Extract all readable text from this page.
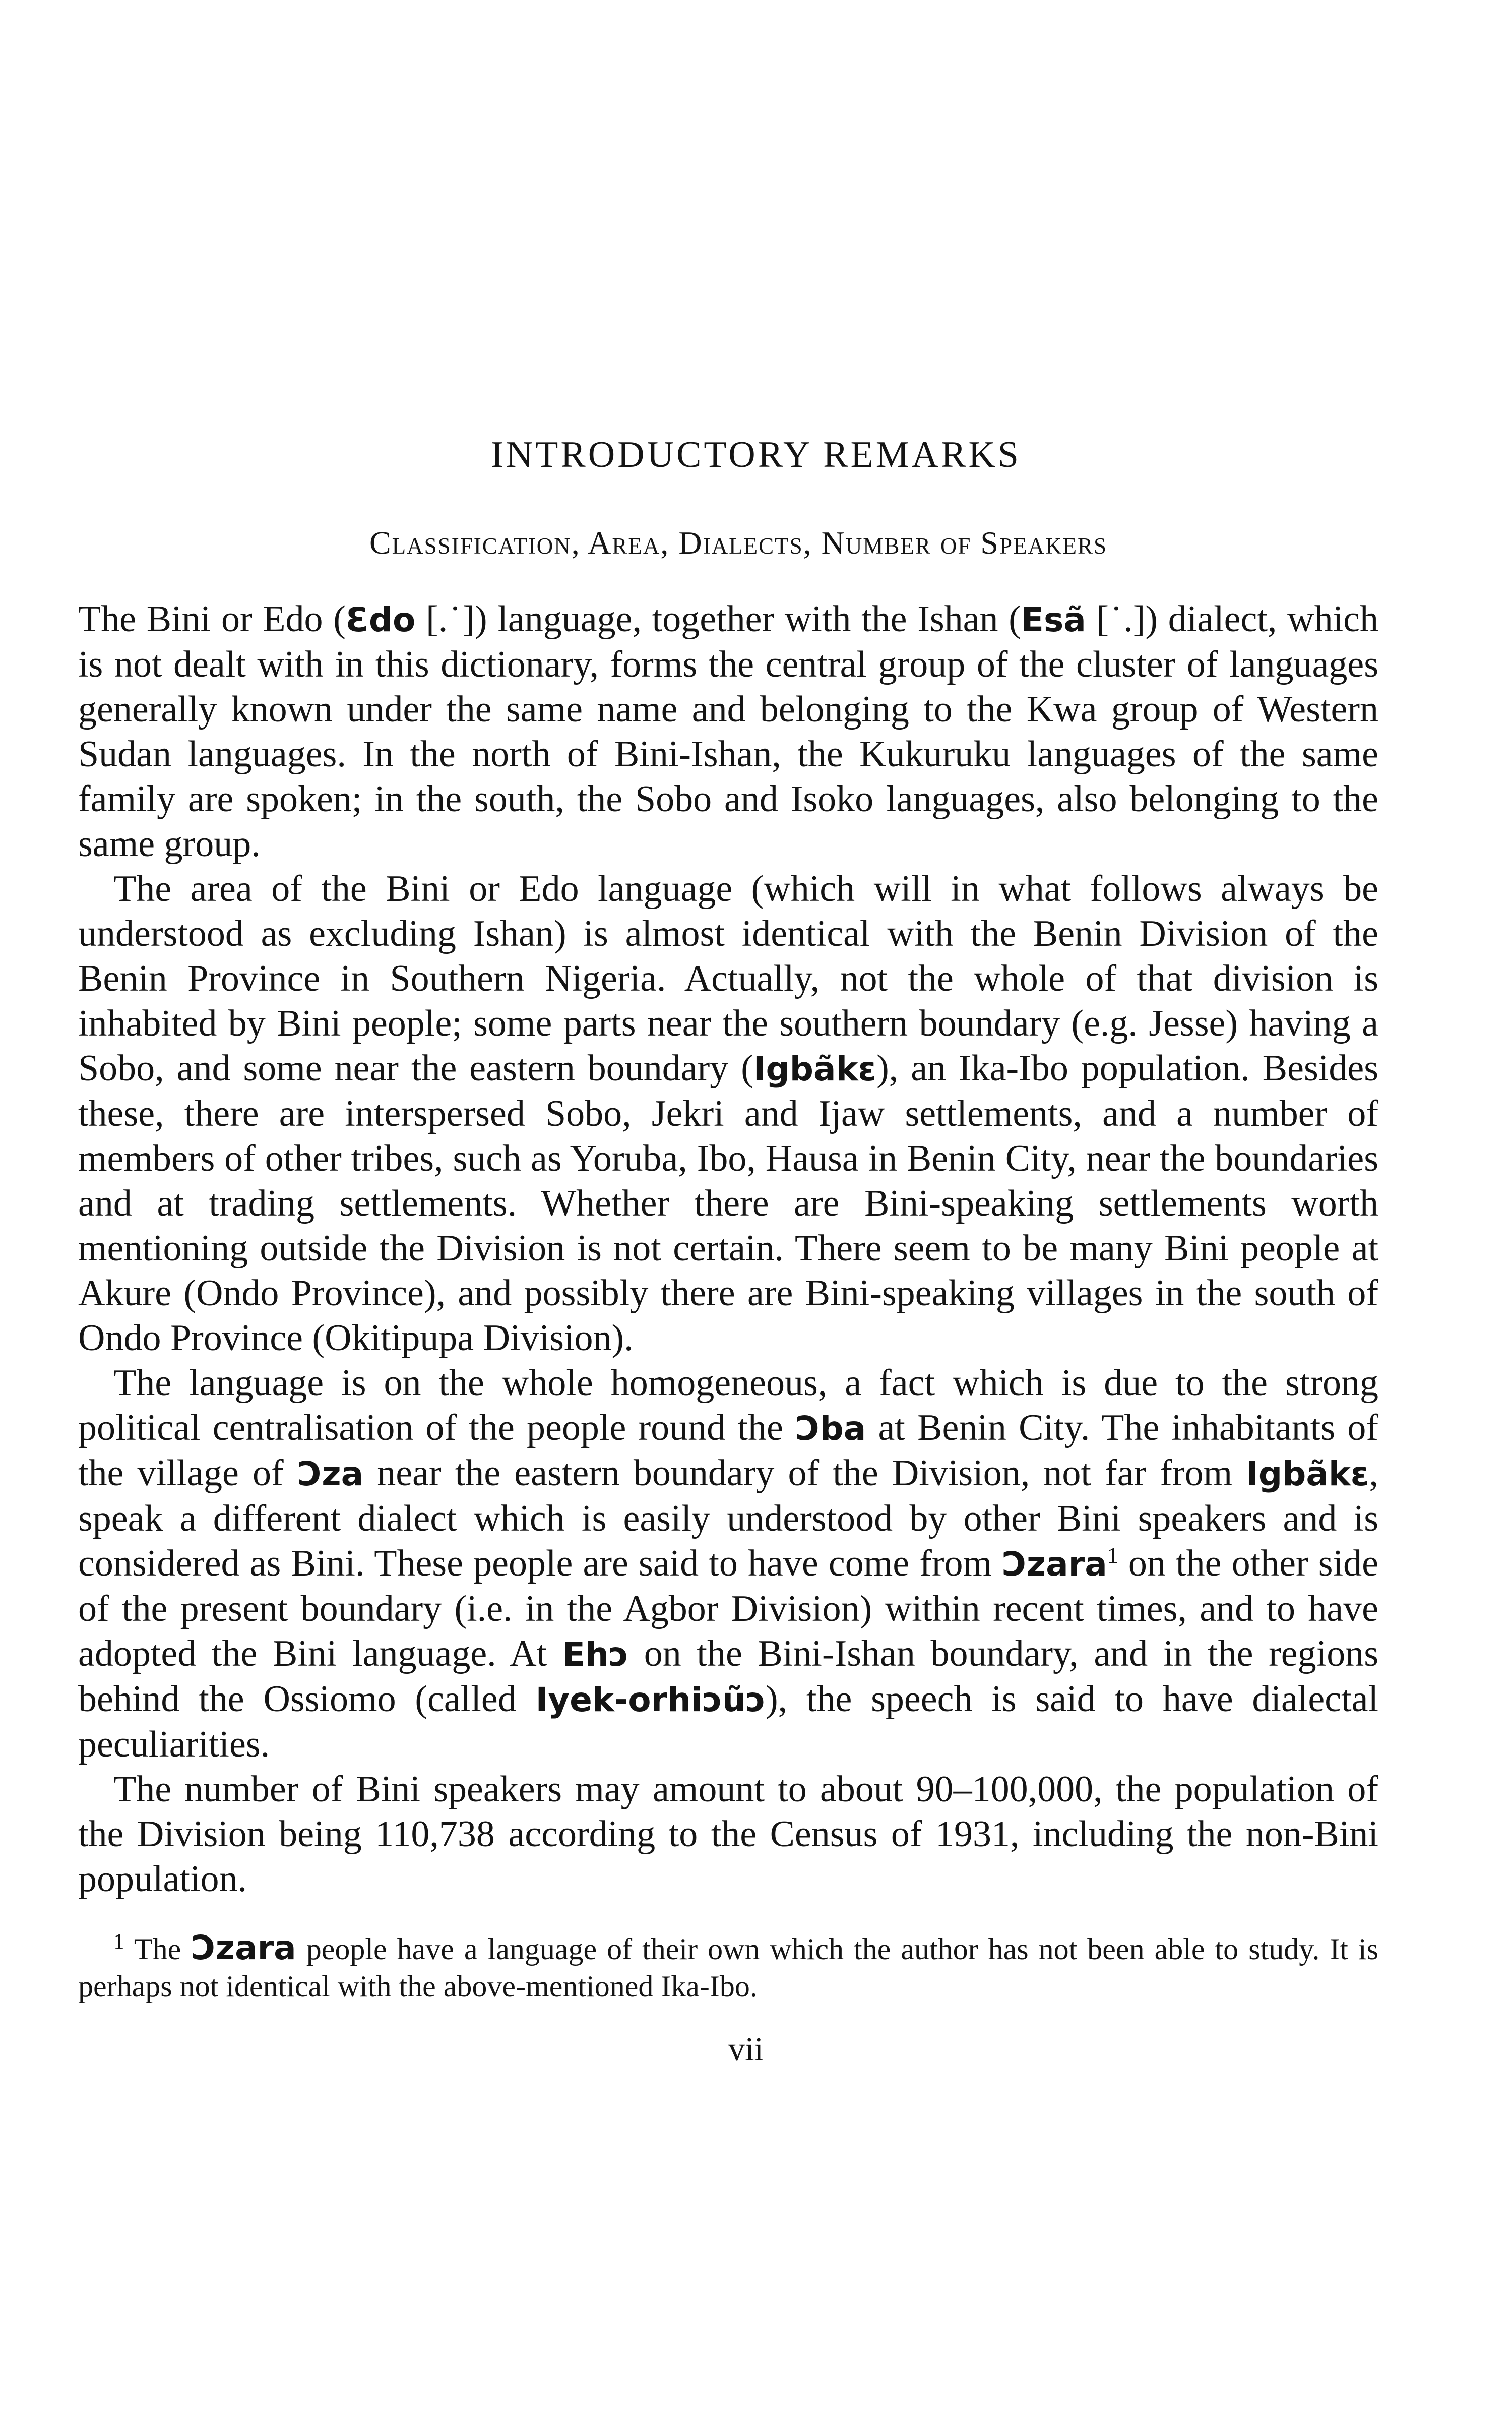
INTRODUCTORY REMARKS
Classification, Area, Dialects, Number of Speakers

The Bini or Edo (Ɛdo [.˙]) language, together with the Ishan (Esã [˙.]) dialect, which is not dealt with in this dictionary, forms the central group of the cluster of languages generally known under the same name and belonging to the Kwa group of Western Sudan languages. In the north of Bini-Ishan, the Kukuruku languages of the same family are spoken; in the south, the Sobo and Isoko languages, also belonging to the same group.

The area of the Bini or Edo language (which will in what follows always be understood as excluding Ishan) is almost identical with the Benin Division of the Benin Province in Southern Nigeria. Actually, not the whole of that division is inhabited by Bini people; some parts near the southern boundary (e.g. Jesse) having a Sobo, and some near the eastern boundary (Igbãkɛ), an Ika-Ibo population. Besides these, there are interspersed Sobo, Jekri and Ijaw settlements, and a number of members of other tribes, such as Yoruba, Ibo, Hausa in Benin City, near the boundaries and at trading settlements. Whether there are Bini-speaking settlements worth mentioning outside the Division is not certain. There seem to be many Bini people at Akure (Ondo Province), and possibly there are Bini-speaking villages in the south of Ondo Province (Okitipupa Division).

The language is on the whole homogeneous, a fact which is due to the strong political centralisation of the people round the Ɔba at Benin City. The inhabitants of the village of Ɔza near the eastern boundary of the Division, not far from Igbãkɛ, speak a different dialect which is easily understood by other Bini speakers and is considered as Bini. These people are said to have come from Ɔzara$^1$ on the other side of the present boundary (i.e. in the Agbor Division) within recent times, and to have adopted the Bini language. At Ehɔ on the Bini-Ishan boundary, and in the regions behind the Ossiomo (called Iyek-orhiɔũɔ), the speech is said to have dialectal peculiarities.

The number of Bini speakers may amount to about 90–100,000, the population of the Division being 110,738 according to the Census of 1931, including the non-Bini population.

$^1$ The Ɔzara people have a language of their own which the author has not been able to study. It is perhaps not identical with the above-mentioned Ika-Ibo.

vii
